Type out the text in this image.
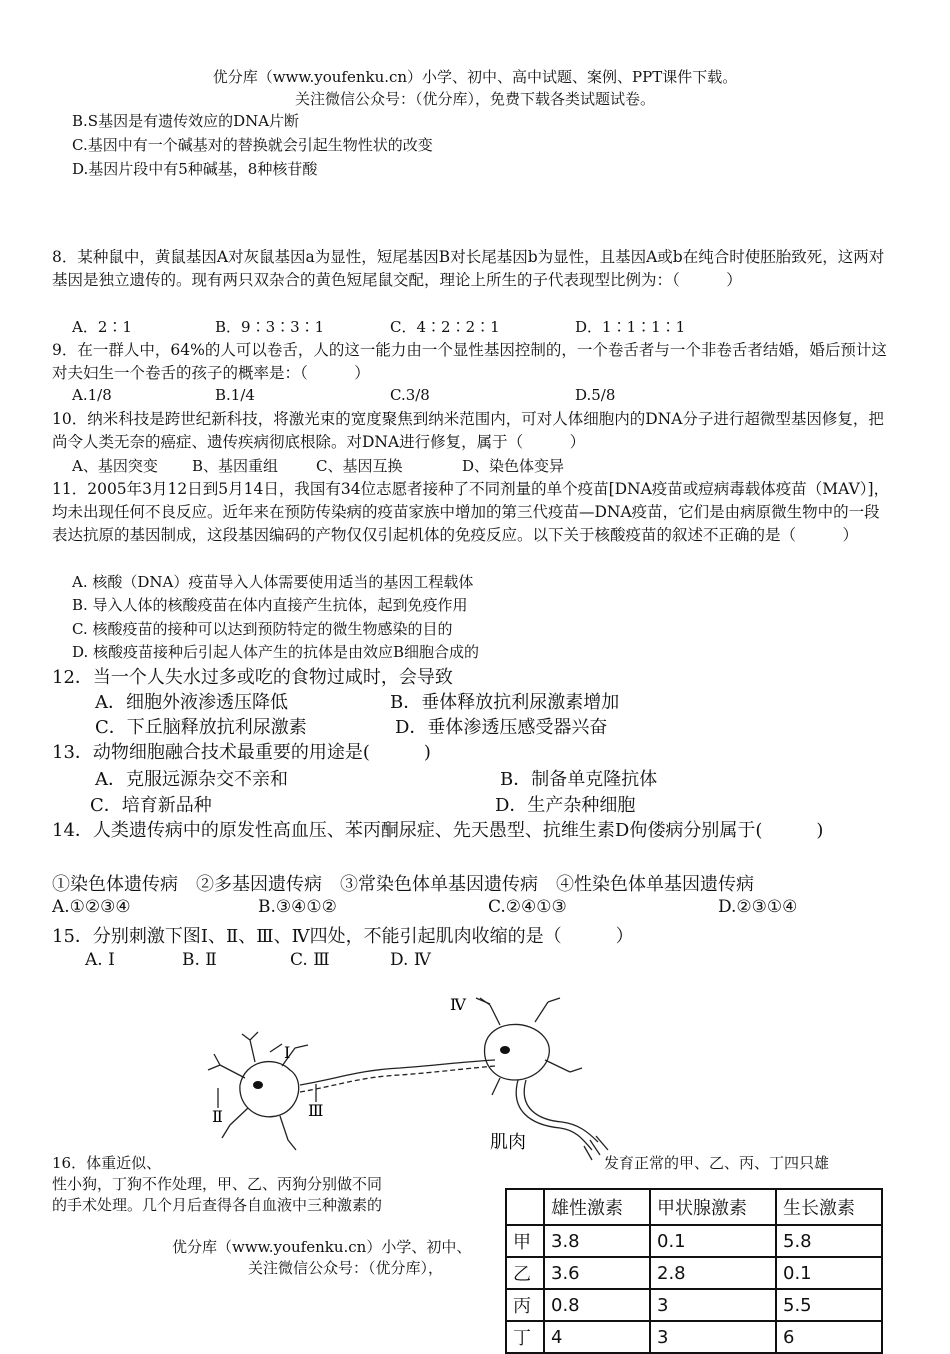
优分库（www.youfenku.cn）小学、初中、高中试题、案例、PPT课件下载。
关注微信公众号：（优分库），免费下载各类试题试卷。
B.S基因是有遗传效应的DNA片断
C.基因中有一个碱基对的替换就会引起生物性状的改变
D.基因片段中有5种碱基，8种核苷酸
8．某种鼠中，黄鼠基因A对灰鼠基因a为显性，短尾基因B对长尾基因b为显性，且基因A或b在纯合时使胚胎致死，这两对基因是独立遗传的。现有两只双杂合的黄色短尾鼠交配，理论上所生的子代表现型比例为：（　　　）
A．2∶1	B．9∶3∶3∶1	C．4∶2∶2∶1	D．1∶1∶1∶1
9．在一群人中，64%的人可以卷舌，人的这一能力由一个显性基因控制的，一个卷舌者与一个非卷舌者结婚，婚后预计这对夫妇生一个卷舌的孩子的概率是：（　　　）
A.1/8	B.1/4	C.3/8	D.5/8
10．纳米科技是跨世纪新科技，将激光束的宽度聚焦到纳米范围内，可对人体细胞内的DNA分子进行超微型基因修复，把尚令人类无奈的癌症、遗传疾病彻底根除。对DNA进行修复，属于（　　　）
A、基因突变 B、基因重组	C、基因互换	D、染色体变异
11．2005年3月12日到5月14日，我国有34位志愿者接种了不同剂量的单个疫苗[DNA疫苗或痘病毒载体疫苗（MAV）]，均未出现任何不良反应。近年来在预防传染病的疫苗家族中增加的第三代疫苗—DNA疫苗，它们是由病原微生物中的一段表达抗原的基因制成，这段基因编码的产物仅仅引起机体的免疫反应。以下关于核酸疫苗的叙述不正确的是（　　　）
A. 核酸（DNA）疫苗导入人体需要使用适当的基因工程载体
B. 导入人体的核酸疫苗在体内直接产生抗体，起到免疫作用
C. 核酸疫苗的接种可以达到预防特定的微生物感染的目的
D. 核酸疫苗接种后引起人体产生的抗体是由效应B细胞合成的
12．当一个人失水过多或吃的食物过咸时，会导致
A．细胞外液渗透压降低	B．垂体释放抗利尿激素增加
C．下丘脑释放抗利尿激素	D．垂体渗透压感受器兴奋
13．动物细胞融合技术最重要的用途是(　　　)
A．克服远源杂交不亲和	B．制备单克隆抗体
C．培育新品种	D．生产杂种细胞
14．人类遗传病中的原发性高血压、苯丙酮尿症、先天愚型、抗维生素D佝偻病分别属于(　　　)
①染色体遗传病　②多基因遗传病　③常染色体单基因遗传病　④性染色体单基因遗传病
A.①②③④	B.③④①②	C.②④①③	D.②③①④
15．分别刺激下图Ⅰ、Ⅱ、Ⅲ、Ⅳ四处，不能引起肌肉收缩的是（　　　）
A. Ⅰ	B. Ⅱ	C. Ⅲ	D. Ⅳ
Ⅰ
Ⅱ	Ⅲ
Ⅳ
肌肉
16．体重近似、	发育正常的甲、乙、丙、丁四只雄
性小狗，丁狗不作处理，甲、乙、丙狗分别做不同
的手术处理。几个月后查得各自血液中三种激素的
优分库（www.youfenku.cn）小学、初中、
关注微信公众号：（优分库），
	雄性激素	甲状腺激素	生长激素
甲	3.8	0.1	5.8
乙	3.6	2.8	0.1
丙	0.8	3	5.5
丁	4	3	6
